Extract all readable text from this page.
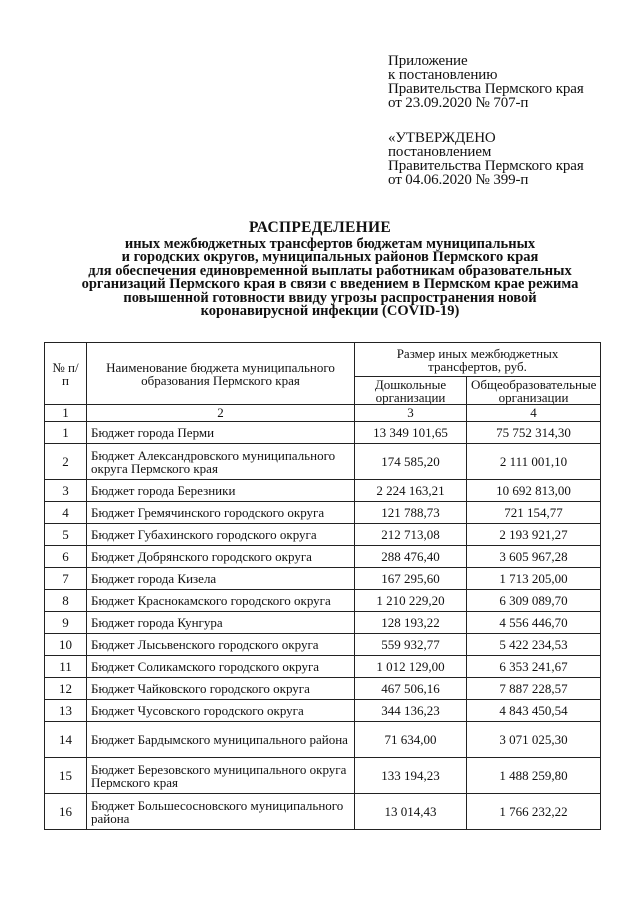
Приложение
к постановлению
Правительства Пермского края
от 23.09.2020 № 707-п
«УТВЕРЖДЕНО
постановлением
Правительства Пермского края
от 04.06.2020 № 399-п
РАСПРЕДЕЛЕНИЕ
иных межбюджетных трансфертов бюджетам муниципальных
и городских округов, муниципальных районов Пермского края
для обеспечения единовременной выплаты работникам образовательных
организаций Пермского края в связи с введением в Пермском крае режима
повышенной готовности ввиду угрозы распространения новой
коронавирусной инфекции (COVID-19)
№ п/п	Наименование бюджета муниципального образования Пермского края	Размер иных межбюджетных трансфертов, руб.	
		Дошкольные организации	Общеобразовательные организации
1	2	3	4
1	Бюджет города Перми	13 349 101,65	75 752 314,30
2	Бюджет Александровского муниципального округа Пермского края	174 585,20	2 111 001,10
3	Бюджет города Березники	2 224 163,21	10 692 813,00
4	Бюджет Гремячинского городского округа	121 788,73	721 154,77
5	Бюджет Губахинского городского округа	212 713,08	2 193 921,27
6	Бюджет Добрянского городского округа	288 476,40	3 605 967,28
7	Бюджет города Кизела	167 295,60	1 713 205,00
8	Бюджет Краснокамского городского округа	1 210 229,20	6 309 089,70
9	Бюджет города Кунгура	128 193,22	4 556 446,70
10	Бюджет Лысьвенского городского округа	559 932,77	5 422 234,53
11	Бюджет Соликамского городского округа	1 012 129,00	6 353 241,67
12	Бюджет Чайковского городского округа	467 506,16	7 887 228,57
13	Бюджет Чусовского городского округа	344 136,23	4 843 450,54
14	Бюджет Бардымского муниципального района	71 634,00	3 071 025,30
15	Бюджет Березовского муниципального округа Пермского края	133 194,23	1 488 259,80
16	Бюджет Большесосновского муниципального района	13 014,43	1 766 232,22
